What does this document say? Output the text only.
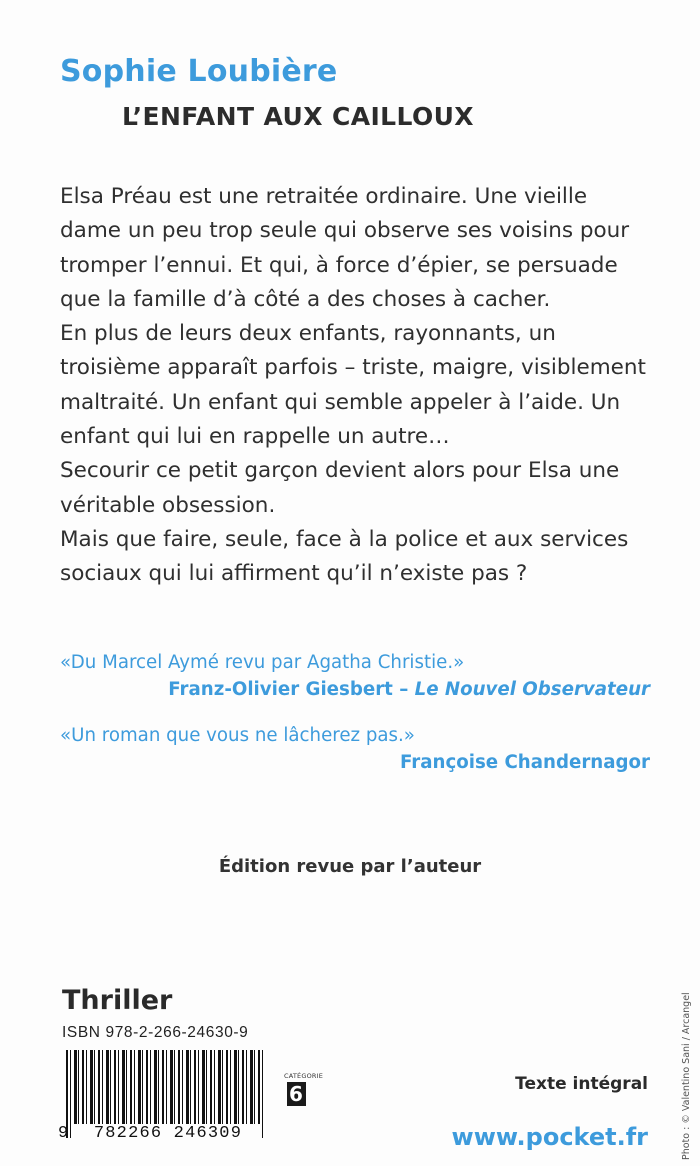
Sophie Loubière
L’ENFANT AUX CAILLOUX

Elsa Préau est une retraitée ordinaire. Une vieille dame un peu trop seule qui observe ses voisins pour tromper l’ennui. Et qui, à force d’épier, se persuade que la famille d’à côté a des choses à cacher.

En plus de leurs deux enfants, rayonnants, un troisième apparaît parfois – triste, maigre, visiblement maltraité. Un enfant qui semble appeler à l’aide. Un enfant qui lui en rappelle un autre…

Secourir ce petit garçon devient alors pour Elsa une véritable obsession.

Mais que faire, seule, face à la police et aux services sociaux qui lui affirment qu’il n’existe pas ?

«Du Marcel Aymé revu par Agatha Christie.»
Franz-Olivier Giesbert – Le Nouvel Observateur
«Un roman que vous ne lâcherez pas.»
Françoise Chandernagor
Édition revue par l’auteur
Thriller
ISBN 978-2-266-24630-9
9	782266 246309
CATÉGORIE
6	Texte intégral
www.pocket.fr	Photo : © Valentino Sani / Arcangel
